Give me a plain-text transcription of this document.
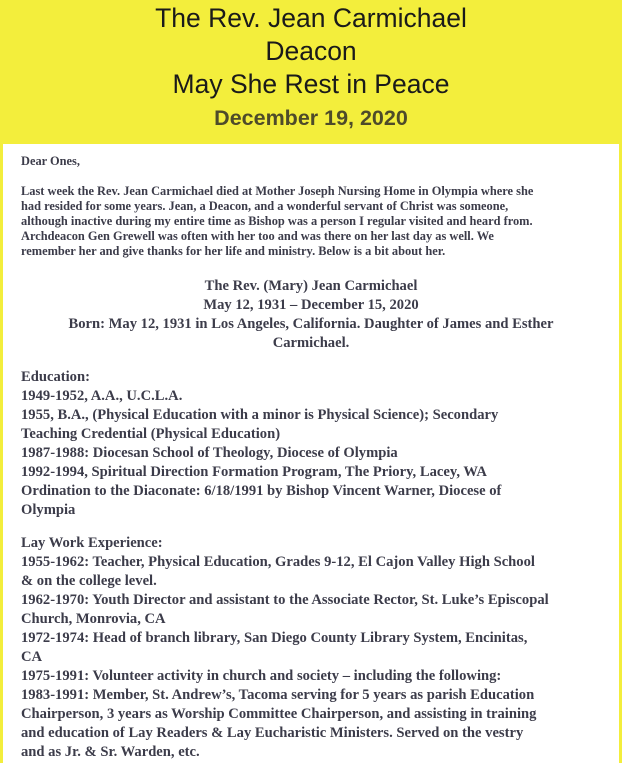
The Rev. Jean Carmichael
Deacon
May She Rest in Peace
December 19, 2020

Dear Ones,

Last week the Rev. Jean Carmichael died at Mother Joseph Nursing Home in Olympia where she
had resided for some years. Jean, a Deacon, and a wonderful servant of Christ was someone,
although inactive during my entire time as Bishop was a person I regular visited and heard from.
Archdeacon Gen Grewell was often with her too and was there on her last day as well. We
remember her and give thanks for her life and ministry. Below is a bit about her.

The Rev. (Mary) Jean Carmichael

May 12, 1931 – December 15, 2020

Born: May 12, 1931 in Los Angeles, California. Daughter of James and Esther
Carmichael.

Education:
1949-1952, A.A., U.C.L.A.
1955, B.A., (Physical Education with a minor is Physical Science); Secondary
Teaching Credential (Physical Education)
1987-1988: Diocesan School of Theology, Diocese of Olympia
1992-1994, Spiritual Direction Formation Program, The Priory, Lacey, WA
Ordination to the Diaconate: 6/18/1991 by Bishop Vincent Warner, Diocese of
Olympia

Lay Work Experience:
1955-1962: Teacher, Physical Education, Grades 9-12, El Cajon Valley High School
& on the college level.
1962-1970: Youth Director and assistant to the Associate Rector, St. Luke’s Episcopal
Church, Monrovia, CA
1972-1974: Head of branch library, San Diego County Library System, Encinitas,
CA
1975-1991: Volunteer activity in church and society – including the following:
1983-1991: Member, St. Andrew’s, Tacoma serving for 5 years as parish Education
Chairperson, 3 years as Worship Committee Chairperson, and assisting in training
and education of Lay Readers & Lay Eucharistic Ministers. Served on the vestry
and as Jr. & Sr. Warden, etc.
